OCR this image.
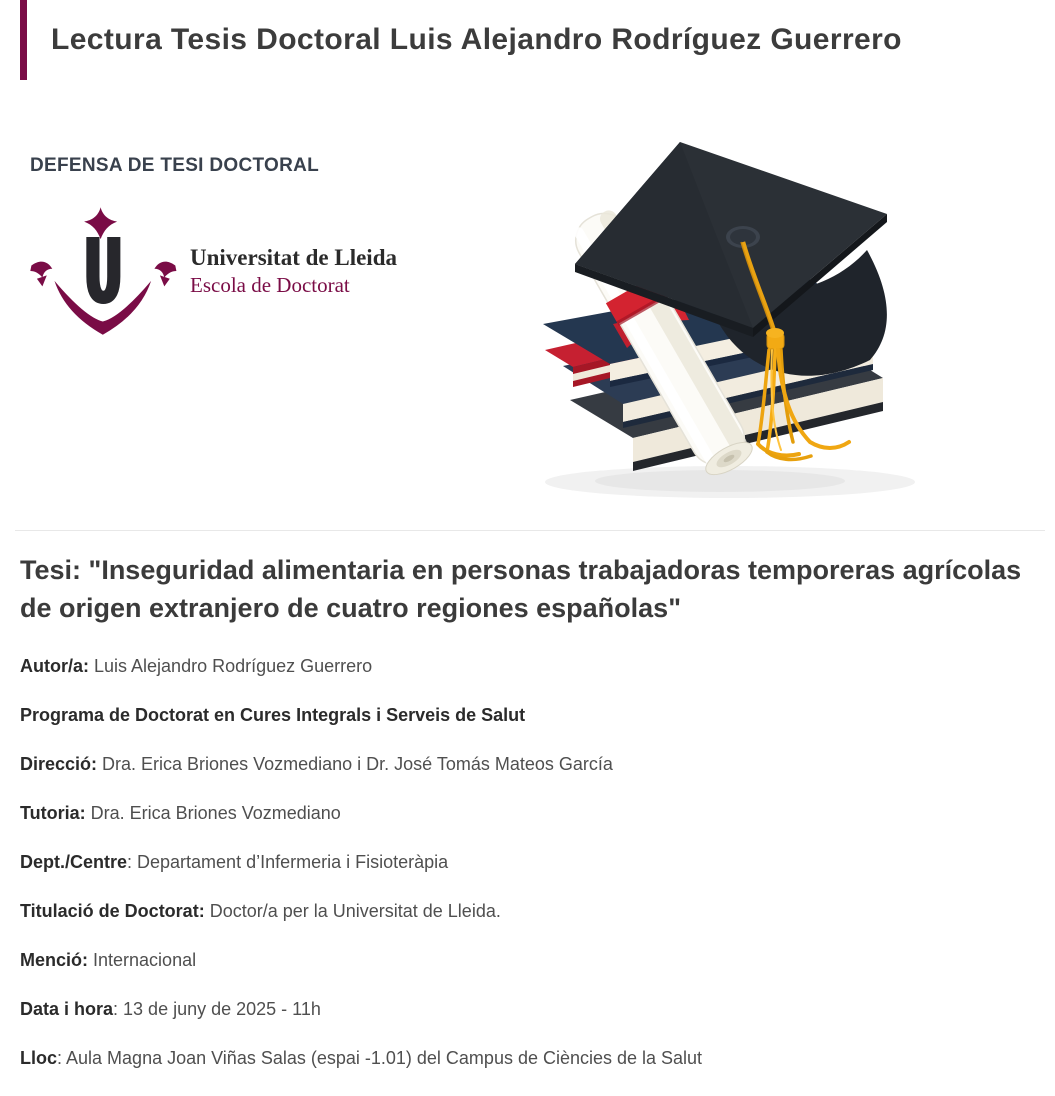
Lectura Tesis Doctoral Luis Alejandro Rodríguez Guerrero
DEFENSA DE TESI DOCTORAL
Universitat de Lleida
Escola de Doctorat
Tesi: "Inseguridad alimentaria en personas trabajadoras temporeras agrícolas de origen extranjero de cuatro regiones españolas"

Autor/a: Luis Alejandro Rodríguez Guerrero

Programa de Doctorat en Cures Integrals i Serveis de Salut

Direcció: Dra. Erica Briones Vozmediano i Dr. José Tomás Mateos García

Tutoria: Dra. Erica Briones Vozmediano

Dept./Centre: Departament d’Infermeria i Fisioteràpia

Titulació de Doctorat: Doctor/a per la Universitat de Lleida.

Menció: Internacional

Data i hora: 13 de juny de 2025 - 11h

Lloc: Aula Magna Joan Viñas Salas (espai -1.01) del Campus de Ciències de la Salut
